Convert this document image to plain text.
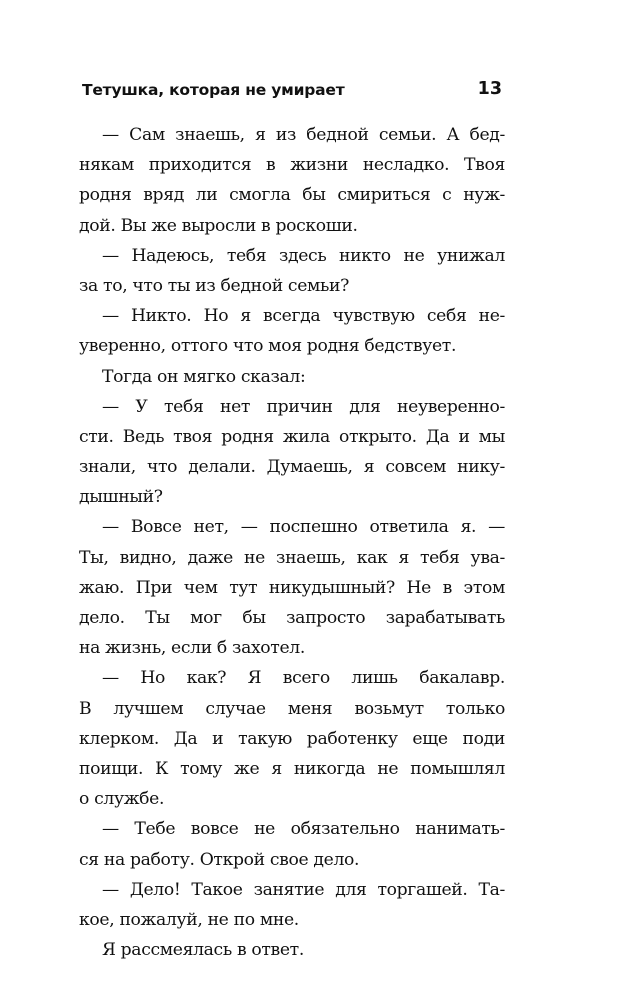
Тетушка, которая не умирает	13
— Сам знаешь, я из бедной семьи. А бед-
някам приходится в жизни несладко. Твоя
родня вряд ли смогла бы смириться с нуж-
дой. Вы же выросли в роскоши.
— Надеюсь, тебя здесь никто не унижал
за то, что ты из бедной семьи?
— Никто. Но я всегда чувствую себя не-
уверенно, оттого что моя родня бедствует.
Тогда он мягко сказал:
— У тебя нет причин для неувереннo-
сти. Ведь твоя родня жила открыто. Да и мы
знали, что делали. Думаешь, я совсем нику-
дышный?
— Вовсе нет, — поспешно ответила я. —
Ты, видно, даже не знаешь, как я тебя ува-
жаю. При чем тут никудышный? Не в этом
дело. Ты мог бы запросто зарабатывать
на жизнь, если б захотел.
— Но как? Я всего лишь бакалавр.
В лучшем случае меня возьмут только
клерком. Да и такую работенку еще поди
поищи. К тому же я никогда не помышлял
о службе.
— Тебе вовсе не обязательно нанимать-
ся на работу. Открой свое дело.
— Дело! Такое занятие для торгашей. Та-
кое, пожалуй, не по мне.
Я рассмеялась в ответ.
